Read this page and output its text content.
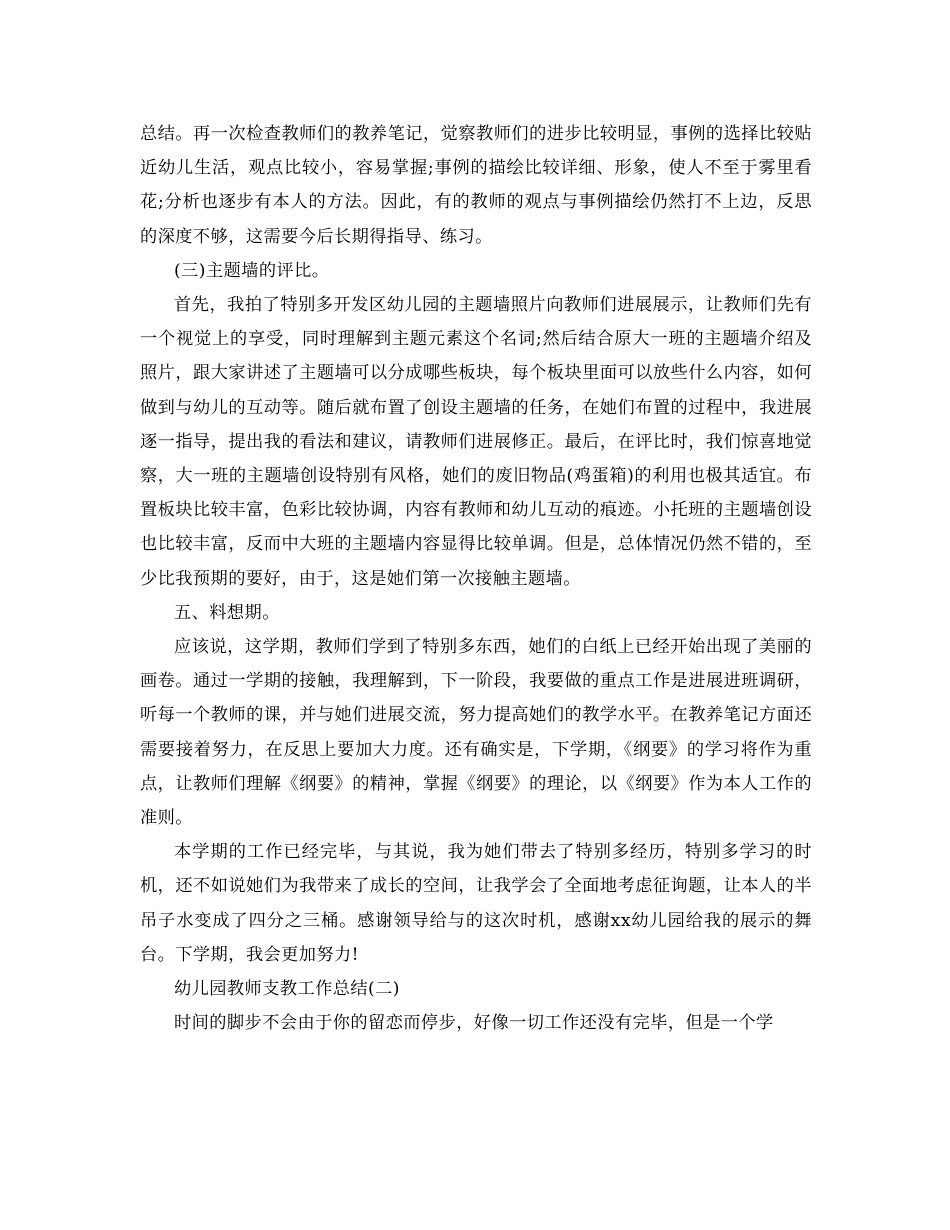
总结。再一次检查教师们的教养笔记，觉察教师们的进步比较明显，事例的选择比较贴近幼儿生活，观点比较小，容易掌握;事例的描绘比较详细、形象，使人不至于雾里看花;分析也逐步有本人的方法。因此，有的教师的观点与事例描绘仍然打不上边，反思的深度不够，这需要今后长期得指导、练习。

(三)主题墙的评比。

首先，我拍了特别多开发区幼儿园的主题墙照片向教师们进展展示，让教师们先有一个视觉上的享受，同时理解到主题元素这个名词;然后结合原大一班的主题墙介绍及照片，跟大家讲述了主题墙可以分成哪些板块，每个板块里面可以放些什么内容，如何做到与幼儿的互动等。随后就布置了创设主题墙的任务，在她们布置的过程中，我进展逐一指导，提出我的看法和建议，请教师们进展修正。最后，在评比时，我们惊喜地觉察，大一班的主题墙创设特别有风格，她们的废旧物品(鸡蛋箱)的利用也极其适宜。布置板块比较丰富，色彩比较协调，内容有教师和幼儿互动的痕迹。小托班的主题墙创设也比较丰富，反而中大班的主题墙内容显得比较单调。但是，总体情况仍然不错的，至少比我预期的要好，由于，这是她们第一次接触主题墙。

五、料想期。

应该说，这学期，教师们学到了特别多东西，她们的白纸上已经开始出现了美丽的画卷。通过一学期的接触，我理解到，下一阶段，我要做的重点工作是进展进班调研，听每一个教师的课，并与她们进展交流，努力提高她们的教学水平。在教养笔记方面还需要接着努力，在反思上要加大力度。还有确实是，下学期，《纲要》的学习将作为重点，让教师们理解《纲要》的精神，掌握《纲要》的理论，以《纲要》作为本人工作的准则。

本学期的工作已经完毕，与其说，我为她们带去了特别多经历，特别多学习的时机，还不如说她们为我带来了成长的空间，让我学会了全面地考虑征询题，让本人的半吊子水变成了四分之三桶。感谢领导给与的这次时机，感谢xx幼儿园给我的展示的舞台。下学期，我会更加努力!

幼儿园教师支教工作总结(二)

时间的脚步不会由于你的留恋而停步，好像一切工作还没有完毕，但是一个学
